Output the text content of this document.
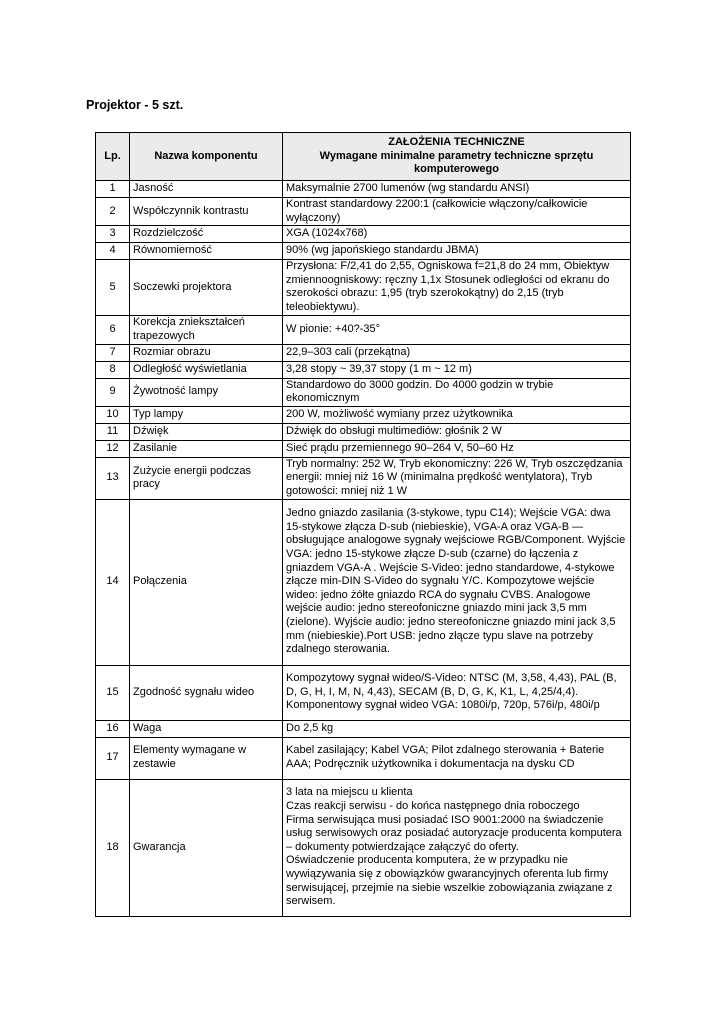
Projektor - 5 szt.
Lp.	Nazwa komponentu	ZAŁOŻENIA TECHNICZNE
Wymagane minimalne parametry techniczne sprzętu komputerowego

1	Jasność	Maksymalnie 2700 lumenów (wg standardu ANSI)
2	Współczynnik kontrastu	Kontrast standardowy 2200:1 (całkowicie włączony/całkowicie wyłączony)
3	Rozdzielczość	XGA (1024x768)
4	Równomierność	90% (wg japońskiego standardu JBMA)
5	Soczewki projektora	Przysłona: F/2,41 do 2,55, Ogniskowa f=21,8 do 24 mm, Obiektyw zmiennoogniskowy: ręczny 1,1x Stosunek odległości od ekranu do szerokości obrazu: 1,95 (tryb szerokokątny) do 2,15 (tryb teleobiektywu).
6	Korekcja zniekształceń trapezowych	W pionie: +40?-35°
7	Rozmiar obrazu	22,9–303 cali (przekątna)
8	Odległość wyświetlania	3,28 stopy ~ 39,37 stopy (1 m ~ 12 m)
9	Żywotność lampy	Standardowo do 3000 godzin. Do 4000 godzin w trybie ekonomicznym
10	Typ lampy	200 W, możliwość wymiany przez użytkownika
11	Dźwięk	Dźwięk do obsługi multimediów: głośnik 2 W
12	Zasilanie	Sieć prądu przemiennego 90–264 V, 50–60 Hz
13	Zużycie energii podczas pracy	Tryb normalny: 252 W, Tryb ekonomiczny: 226 W, Tryb oszczędzania energii: mniej niż 16 W (minimalna prędkość wentylatora), Tryb gotowości: mniej niż 1 W
14	Połączenia	Jedno gniazdo zasilania (3-stykowe, typu C14); Wejście VGA: dwa 15-stykowe złącza D-sub (niebieskie), VGA-A oraz VGA-B — obsługujące analogowe sygnały wejściowe RGB/Component. Wyjście VGA: jedno 15-stykowe złącze D-sub (czarne) do łączenia z gniazdem VGA-A . Wejście S-Video: jedno standardowe, 4-stykowe złącze min-DIN S-Video do sygnału Y/C. Kompozytowe wejście wideo: jedno żółte gniazdo RCA do sygnału CVBS. Analogowe wejście audio: jedno stereofoniczne gniazdo mini jack 3,5 mm (zielone). Wyjście audio: jedno stereofoniczne gniazdo mini jack 3,5 mm (niebieskie).Port USB: jedno złącze typu slave na potrzeby zdalnego sterowania.
15	Zgodność sygnału wideo	Kompozytowy sygnał wideo/S-Video: NTSC (M, 3,58, 4,43), PAL (B, D, G, H, I, M, N, 4,43), SECAM (B, D, G, K, K1, L, 4,25/4,4). Komponentowy sygnał wideo VGA: 1080i/p, 720p, 576i/p, 480i/p
16	Waga	Do 2,5 kg
17	Elementy wymagane w zestawie	Kabel zasilający; Kabel VGA; Pilot zdalnego sterowania + Baterie AAA; Podręcznik użytkownika i dokumentacja na dysku CD
18	Gwarancja	3 lata na miejscu u klienta
Czas reakcji serwisu - do końca następnego dnia roboczego
Firma serwisująca musi posiadać ISO 9001:2000 na świadczenie usług serwisowych oraz posiadać autoryzacje producenta komputera – dokumenty potwierdzające załączyć do oferty.
Oświadczenie producenta komputera, że w przypadku nie wywiązywania się z obowiązków gwarancyjnych oferenta lub firmy serwisującej, przejmie na siebie wszelkie zobowiązania związane z serwisem.
